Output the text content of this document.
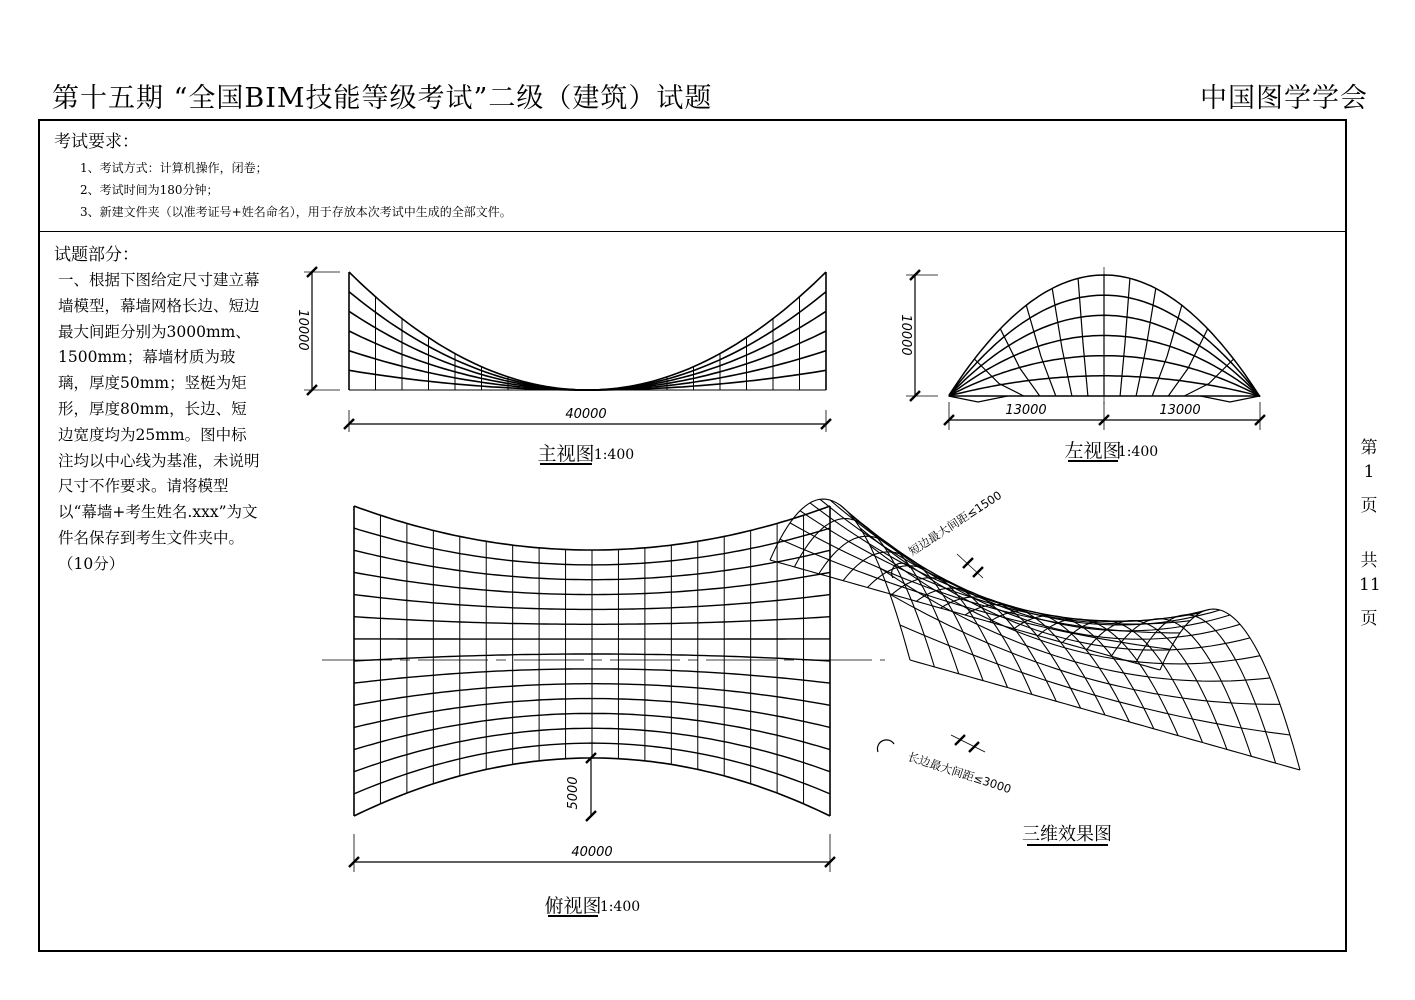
第十五期 “全国BIM技能等级考试”二级（建筑）试题	中国图学学会
考试要求：
1、考试方式：计算机操作，闭卷；
2、考试时间为180分钟；
3、新建文件夹（以准考证号+姓名命名），用于存放本次考试中生成的全部文件。
试题部分：
一、根据下图给定尺寸建立幕墙模型，幕墙网格长边、短边最大间距分别为3000mm、1500mm；幕墙材质为玻璃，厚度50mm；竖梃为矩形，厚度80mm，长边、短边宽度均为25mm。图中标注均以中心线为基准，未说明尺寸不作要求。请将模型以“幕墙+考生姓名.xxx”为文件名保存到考生文件夹中。（10分）
第
1
页
共
11
页
40000
10000
主视图 1:400
10000
13000	13000
左视图
1:400
5000
40000
俯视图
1:400
短边最大间距≤1500
长边最大间距≤3000
三维效果图
